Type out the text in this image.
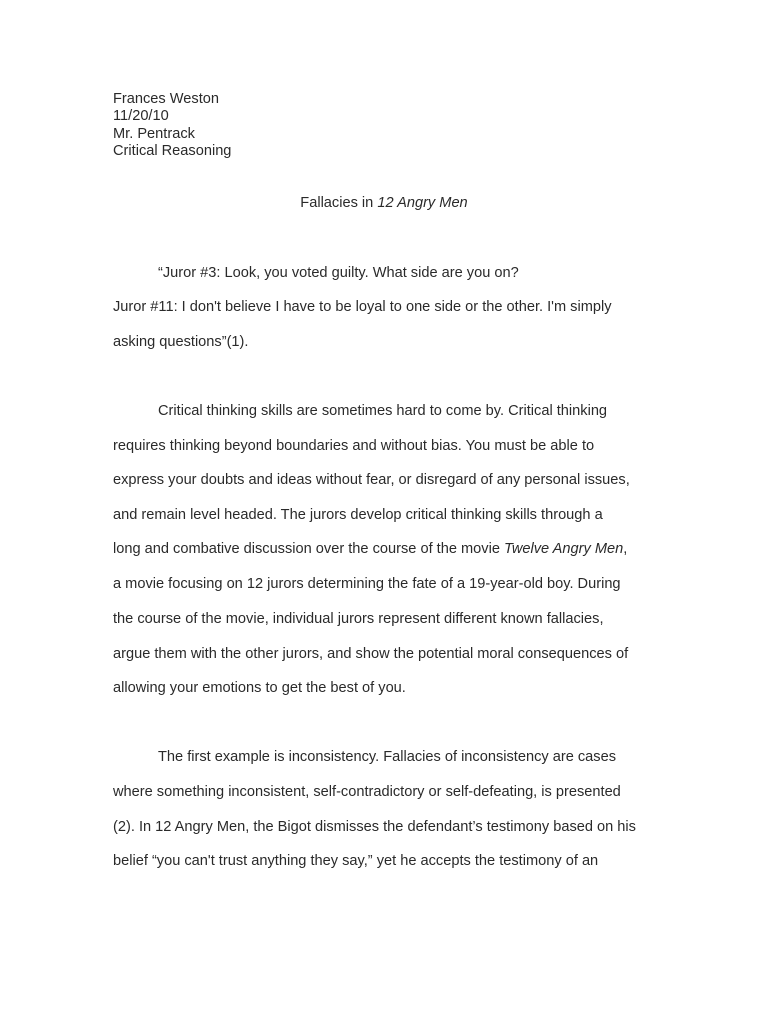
Frances Weston
11/20/10
Mr. Pentrack
Critical Reasoning
Fallacies in 12 Angry Men
“Juror #3: Look, you voted guilty. What side are you on?
Juror #11: I don't believe I have to be loyal to one side or the other. I'm simply
asking questions”(1).
Critical thinking skills are sometimes hard to come by. Critical thinking
requires thinking beyond boundaries and without bias. You must be able to
express your doubts and ideas without fear, or disregard of any personal issues,
and remain level headed. The jurors develop critical thinking skills through a
long and combative discussion over the course of the movie Twelve Angry Men,
a movie focusing on 12 jurors determining the fate of a 19-year-old boy. During
the course of the movie, individual jurors represent different known fallacies,
argue them with the other jurors, and show the potential moral consequences of
allowing your emotions to get the best of you.
The first example is inconsistency. Fallacies of inconsistency are cases
where something inconsistent, self-contradictory or self-defeating, is presented
(2). In 12 Angry Men, the Bigot dismisses the defendant’s testimony based on his
belief “you can't trust anything they say,” yet he accepts the testimony of an
